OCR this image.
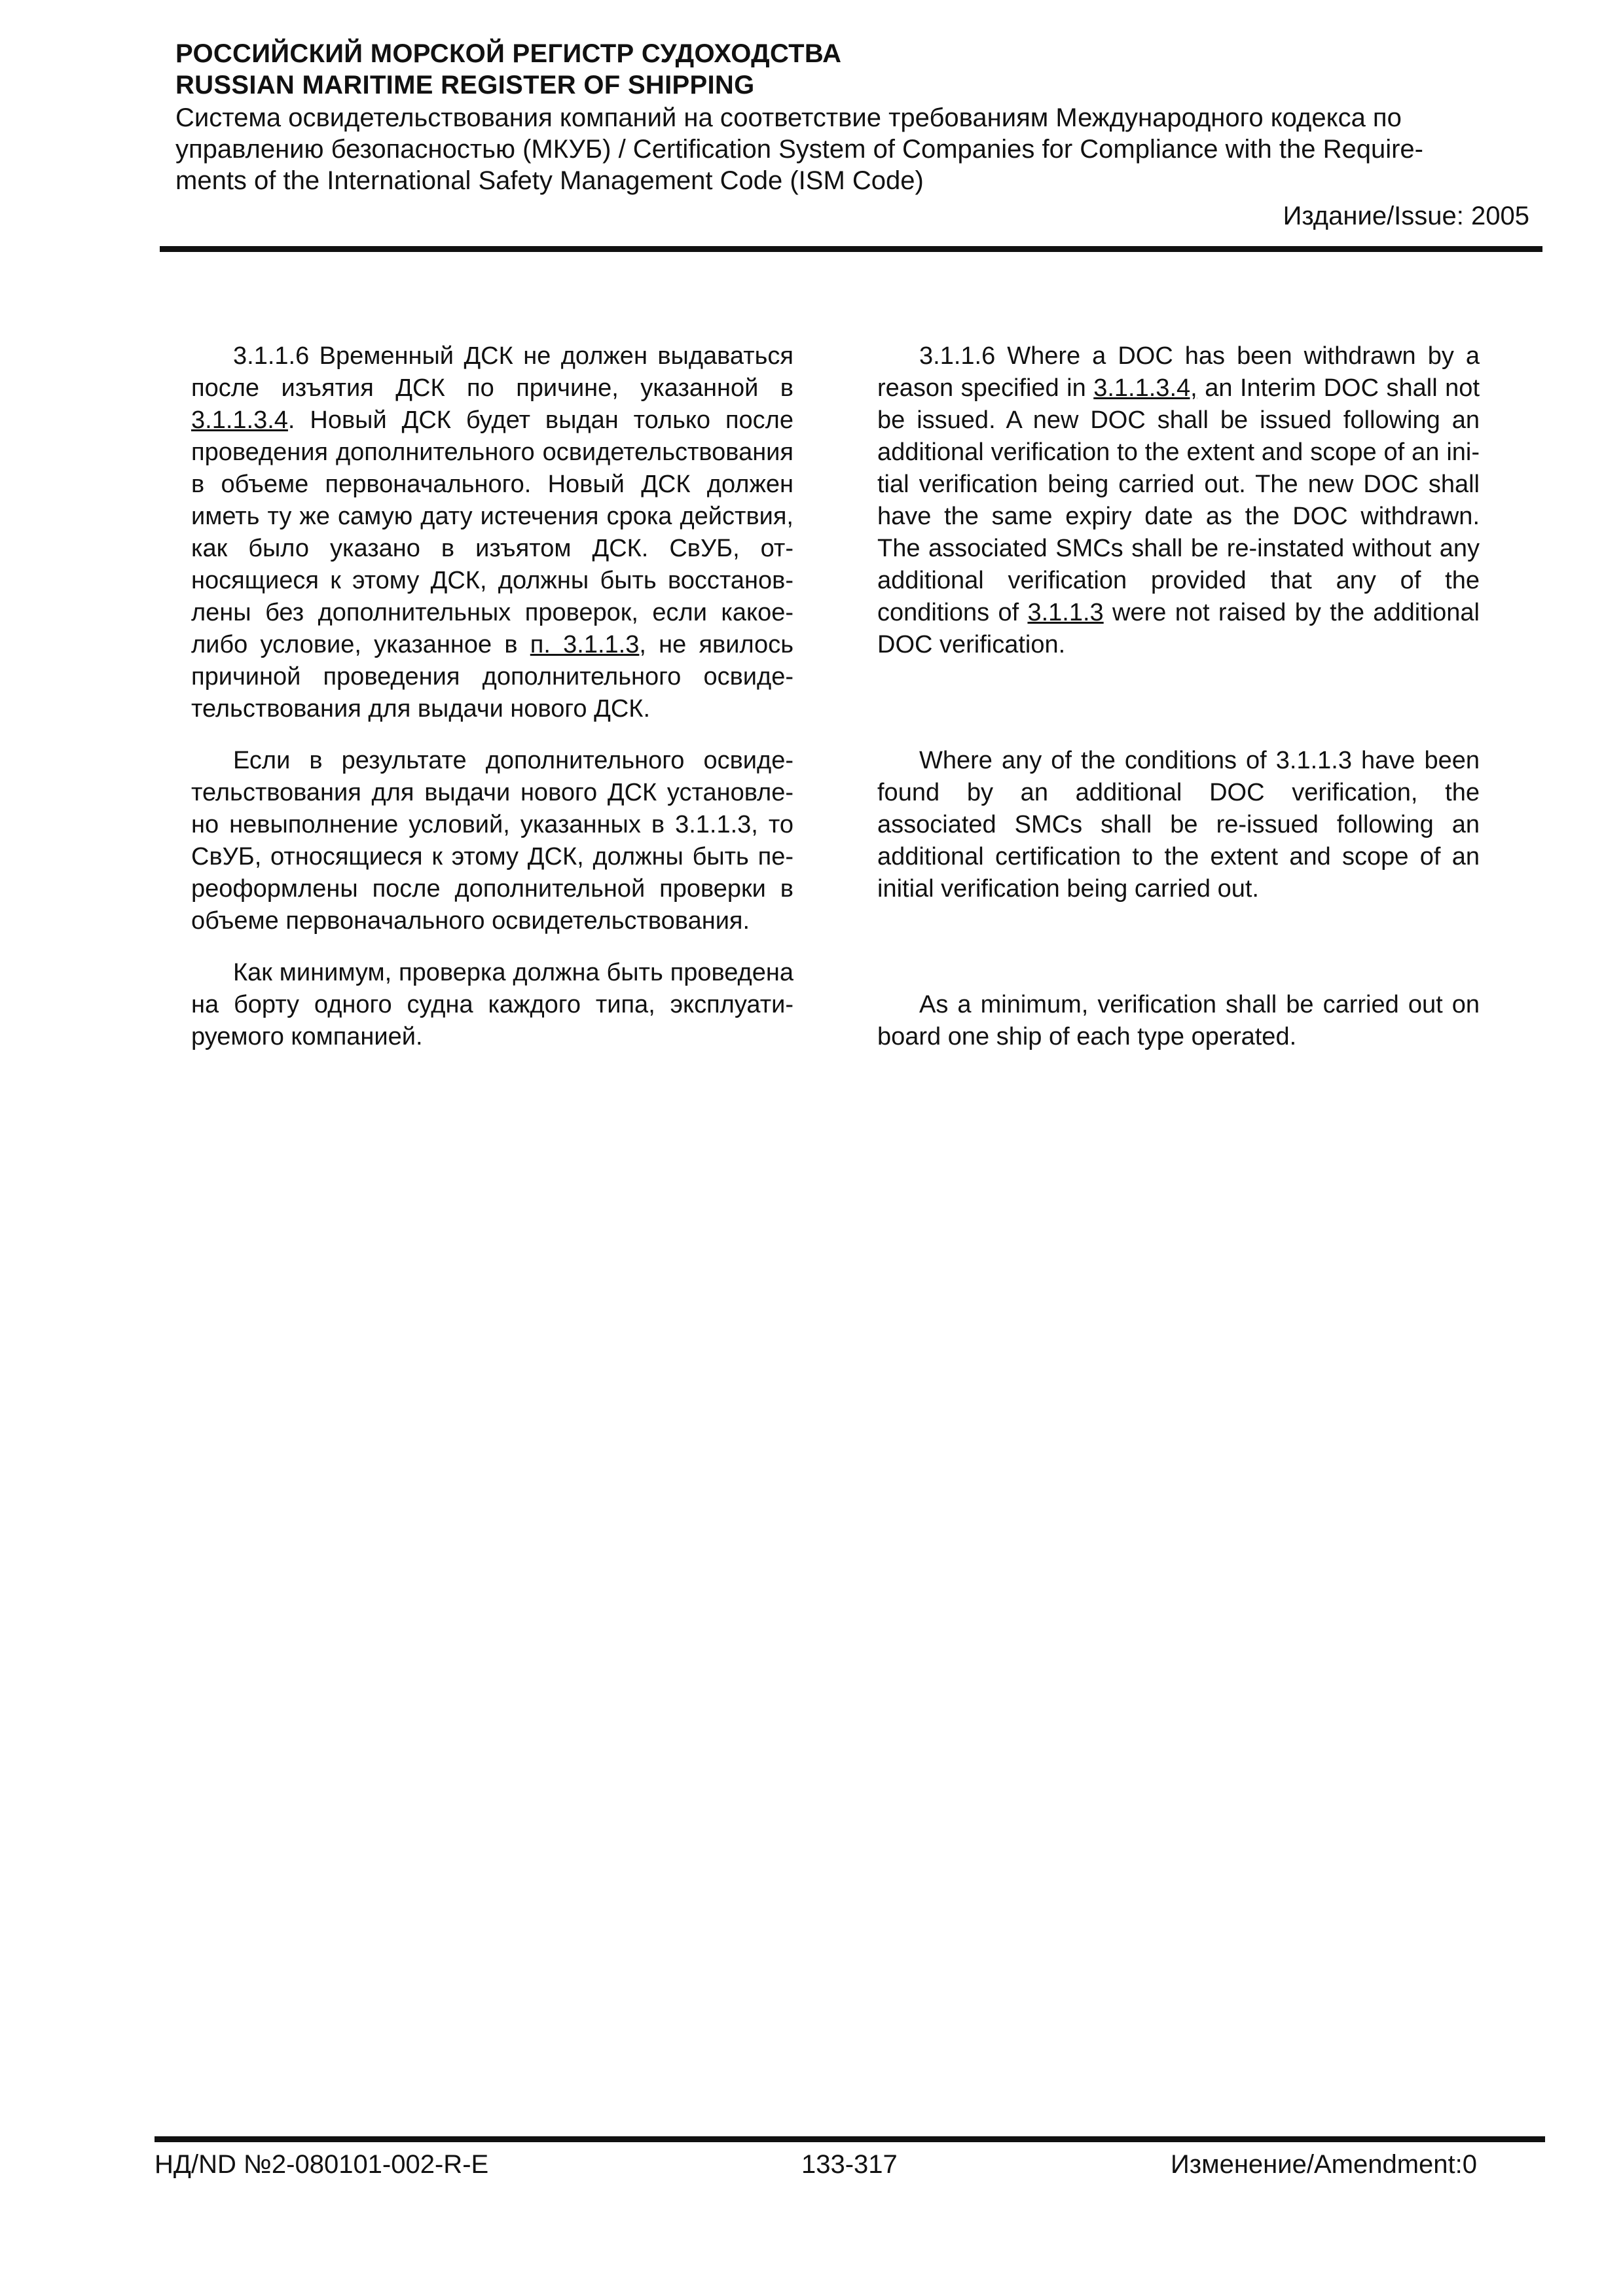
РОССИЙСКИЙ МОРСКОЙ РЕГИСТР СУДОХОДСТВА
RUSSIAN MARITIME REGISTER OF SHIPPING
Система освидетельствования компаний на соответствие требованиям Международного кодекса по
управлению безопасностью (МКУБ) / Certification System of Companies for Compliance with the Require-
ments of the International Safety Management Code (ISM Code)
Издание/Issue: 2005

3.1.1.6 Временный ДСК не должен выдаваться после изъятия ДСК по причине, указанной в 3.1.1.3.4. Новый ДСК будет выдан только после проведения дополнительного освидетельствования в объеме первоначального. Новый ДСК должен иметь ту же самую дату истечения срока действия, как было указано в изъятом ДСК. СвУБ, относящиеся к этому ДСК, должны быть восстановлены без дополнительных проверок, если какое-либо условие, указанное в п. 3.1.1.3, не явилось причиной проведения дополнительного освидетельствования для выдачи нового ДСК.

Если в результате дополнительного освидетельствования для выдачи нового ДСК установлено невыполнение условий, указанных в 3.1.1.3, то СвУБ, относящиеся к этому ДСК, должны быть переоформлены после дополнительной проверки в объеме первоначального освидетельствования.

Как минимум, проверка должна быть проведена на борту одного судна каждого типа, эксплуатируемого компанией.

3.1.1.6 Where a DOC has been withdrawn by a reason specified in 3.1.1.3.4, an Interim DOC shall not be issued. A new DOC shall be issued following an additional verification to the extent and scope of an initial verification being carried out. The new DOC shall have the same expiry date as the DOC withdrawn. The associated SMCs shall be re-instated without any additional verification provided that any of the conditions of 3.1.1.3 were not raised by the additional DOC verification.

Where any of the conditions of 3.1.1.3 have been found by an additional DOC verification, the associated SMCs shall be re-issued following an additional certification to the extent and scope of an initial verification being carried out.

As a minimum, verification shall be carried out on board one ship of each type operated.

НД/ND №2-080101-002-R-E	133-317	Изменение/Amendment:0
